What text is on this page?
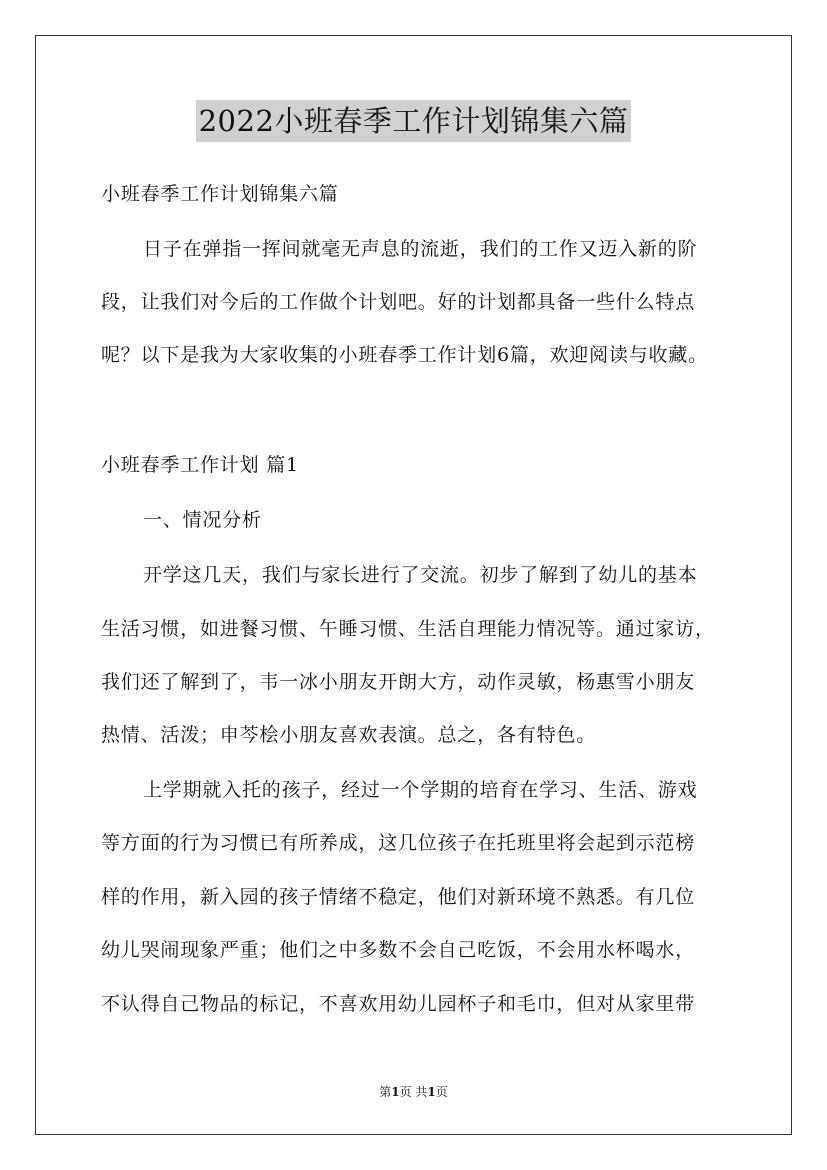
2022小班春季工作计划锦集六篇
小班春季工作计划锦集六篇
日子在弹指一挥间就毫无声息的流逝，我们的工作又迈入新的阶
段，让我们对今后的工作做个计划吧。好的计划都具备一些什么特点
呢？以下是我为大家收集的小班春季工作计划6篇，欢迎阅读与收藏。
小班春季工作计划 篇1
一、情况分析
开学这几天，我们与家长进行了交流。初步了解到了幼儿的基本
生活习惯，如进餐习惯、午睡习惯、生活自理能力情况等。通过家访，
我们还了解到了，韦一冰小朋友开朗大方，动作灵敏，杨惠雪小朋友
热情、活泼；申芩桧小朋友喜欢表演。总之，各有特色。
上学期就入托的孩子，经过一个学期的培育在学习、生活、游戏
等方面的行为习惯已有所养成，这几位孩子在托班里将会起到示范榜
样的作用，新入园的孩子情绪不稳定，他们对新环境不熟悉。有几位
幼儿哭闹现象严重；他们之中多数不会自己吃饭，不会用水杯喝水，
不认得自己物品的标记，不喜欢用幼儿园杯子和毛巾，但对从家里带
第1页 共1页
